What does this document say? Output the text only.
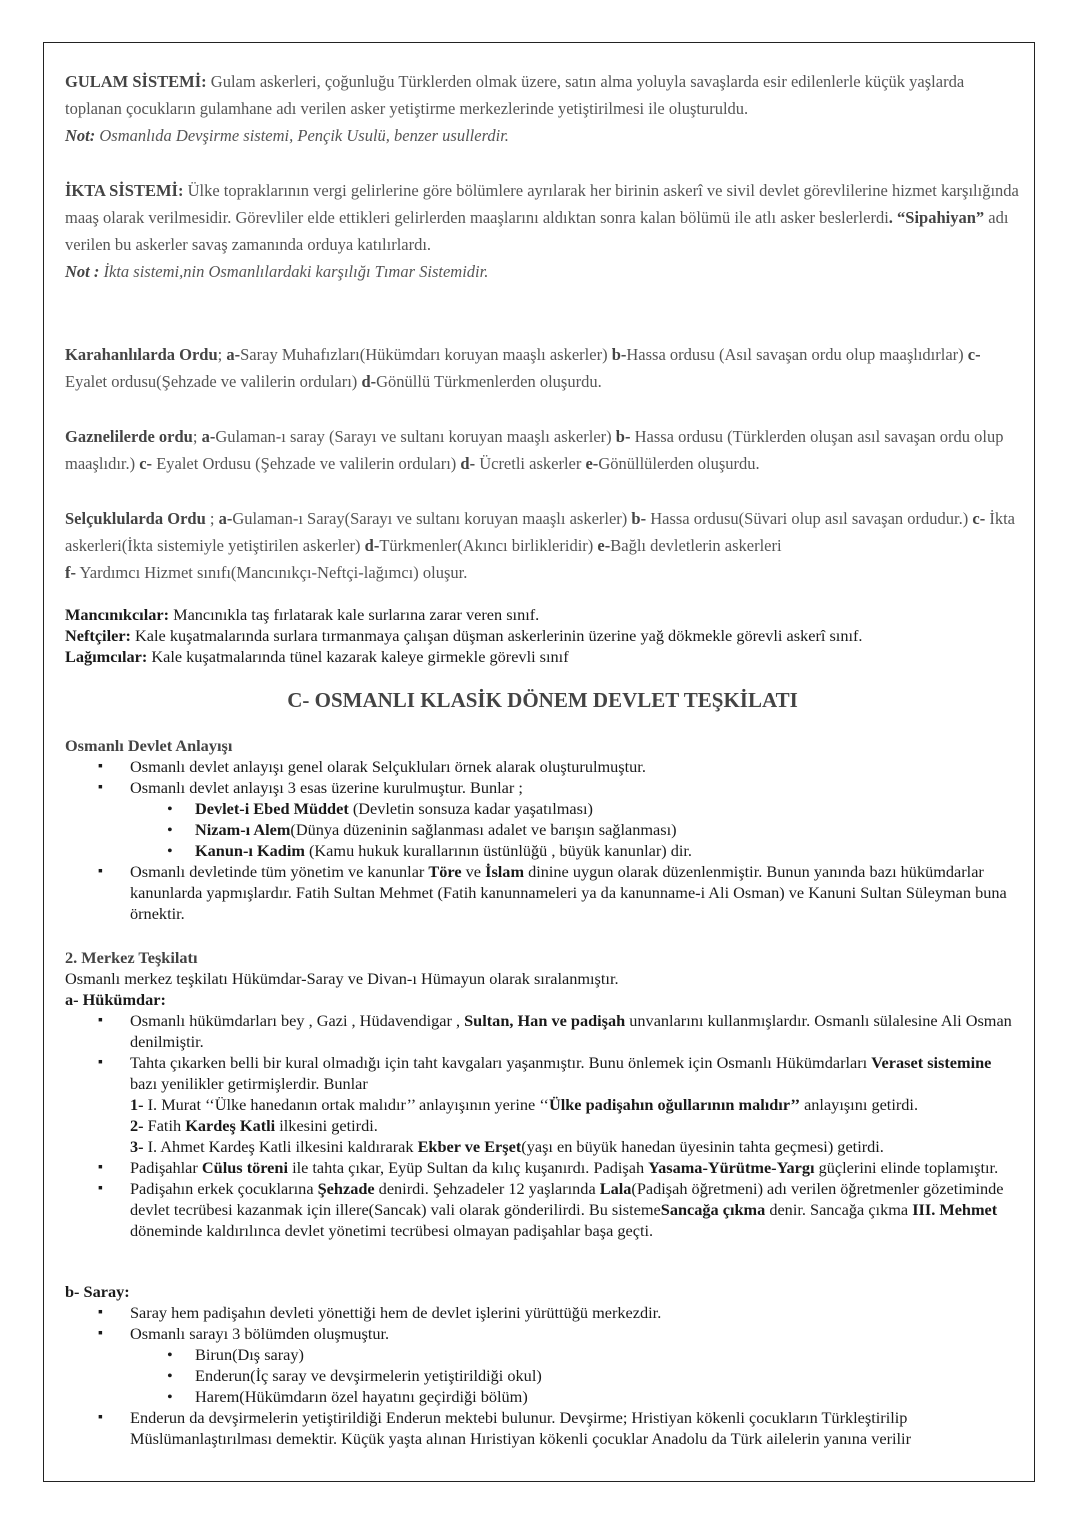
GULAM SİSTEMİ: Gulam askerleri, çoğunluğu Türklerden olmak üzere, satın alma yoluyla savaşlarda esir edilenlerle küçük yaşlarda toplanan çocukların gulamhane adı verilen asker yetiştirme merkezlerinde yetiştirilmesi ile oluşturuldu.
Not: Osmanlıda Devşirme sistemi, Pençik Usulü, benzer usullerdir.
İKTA SİSTEMİ: Ülke topraklarının vergi gelirlerine göre bölümlere ayrılarak her birinin askerî ve sivil devlet görevlilerine hizmet karşılığında maaş olarak verilmesidir. Görevliler elde ettikleri gelirlerden maaşlarını aldıktan sonra kalan bölümü ile atlı asker beslerlerdi. “Sipahiyan” adı verilen bu askerler savaş zamanında orduya katılırlardı.
Not : İkta sistemi,nin Osmanlılardaki karşılığı Tımar Sistemidir.
Karahanlılarda Ordu; a-Saray Muhafızları(Hükümdarı koruyan maaşlı askerler) b-Hassa ordusu (Asıl savaşan ordu olup maaşlıdırlar) c-Eyalet ordusu(Şehzade ve valilerin orduları) d-Gönüllü Türkmenlerden oluşurdu.
Gaznelilerde ordu; a-Gulaman-ı saray (Sarayı ve sultanı koruyan maaşlı askerler) b- Hassa ordusu (Türklerden oluşan asıl savaşan ordu olup maaşlıdır.) c- Eyalet Ordusu (Şehzade ve valilerin orduları) d- Ücretli askerler e-Gönüllülerden oluşurdu.
Selçuklularda Ordu ; a-Gulaman-ı Saray(Sarayı ve sultanı koruyan maaşlı askerler) b- Hassa ordusu(Süvari olup asıl savaşan ordudur.) c- İkta askerleri(İkta sistemiyle yetiştirilen askerler) d-Türkmenler(Akıncı birlikleridir) e-Bağlı devletlerin askerleri
f- Yardımcı Hizmet sınıfı(Mancınıkçı-Neftçi-lağımcı) oluşur.
Mancınıkcılar: Mancınıkla taş fırlatarak kale surlarına zarar veren sınıf.
Neftçiler: Kale kuşatmalarında surlara tırmanmaya çalışan düşman askerlerinin üzerine yağ dökmekle görevli askerî sınıf.
Lağımcılar: Kale kuşatmalarında tünel kazarak kaleye girmekle görevli sınıf
C- OSMANLI KLASİK DÖNEM DEVLET TEŞKİLATI
Osmanlı Devlet Anlayışı
▪ Osmanlı devlet anlayışı genel olarak Selçukluları örnek alarak oluşturulmuştur.
▪ Osmanlı devlet anlayışı 3 esas üzerine kurulmuştur. Bunlar ;
• Devlet-i Ebed Müddet (Devletin sonsuza kadar yaşatılması)
• Nizam-ı Alem(Dünya düzeninin sağlanması adalet ve barışın sağlanması)
• Kanun-ı Kadim (Kamu hukuk kurallarının üstünlüğü , büyük kanunlar) dir.
▪ Osmanlı devletinde tüm yönetim ve kanunlar Töre ve İslam dinine uygun olarak düzenlenmiştir. Bunun yanında bazı hükümdarlar kanunlarda yapmışlardır. Fatih Sultan Mehmet (Fatih kanunnameleri ya da kanunname-i Ali Osman) ve Kanuni Sultan Süleyman buna örnektir.
2. Merkez Teşkilatı
Osmanlı merkez teşkilatı Hükümdar-Saray ve Divan-ı Hümayun olarak sıralanmıştır.
a- Hükümdar:
▪ Osmanlı hükümdarları bey , Gazi , Hüdavendigar , Sultan, Han ve padişah unvanlarını kullanmışlardır. Osmanlı sülalesine Ali Osman denilmiştir.
▪ Tahta çıkarken belli bir kural olmadığı için taht kavgaları yaşanmıştır. Bunu önlemek için Osmanlı Hükümdarları Veraset sistemine bazı yenilikler getirmişlerdir. Bunlar
1- I. Murat ‘‘Ülke hanedanın ortak malıdır’’ anlayışının yerine ‘‘Ülke padişahın oğullarının malıdır’’ anlayışını getirdi.
2- Fatih Kardeş Katli ilkesini getirdi.
3- I. Ahmet Kardeş Katli ilkesini kaldırarak Ekber ve Erşet(yaşı en büyük hanedan üyesinin tahta geçmesi) getirdi.
▪ Padişahlar Cülus töreni ile tahta çıkar, Eyüp Sultan da kılıç kuşanırdı. Padişah Yasama-Yürütme-Yargı güçlerini elinde toplamıştır.
▪ Padişahın erkek çocuklarına Şehzade denirdi. Şehzadeler 12 yaşlarında Lala(Padişah öğretmeni) adı verilen öğretmenler gözetiminde devlet tecrübesi kazanmak için illere(Sancak) vali olarak gönderilirdi. Bu sistemeSancağa çıkma denir. Sancağa çıkma III. Mehmet döneminde kaldırılınca devlet yönetimi tecrübesi olmayan padişahlar başa geçti.
b- Saray:
▪ Saray hem padişahın devleti yönettiği hem de devlet işlerini yürüttüğü merkezdir.
▪ Osmanlı sarayı 3 bölümden oluşmuştur.
• Birun(Dış saray)
• Enderun(İç saray ve devşirmelerin yetiştirildiği okul)
• Harem(Hükümdarın özel hayatını geçirdiği bölüm)
▪ Enderun da devşirmelerin yetiştirildiği Enderun mektebi bulunur. Devşirme; Hristiyan kökenli çocukların Türkleştirilip Müslümanlaştırılması demektir. Küçük yaşta alınan Hıristiyan kökenli çocuklar Anadolu da Türk ailelerin yanına verilir
